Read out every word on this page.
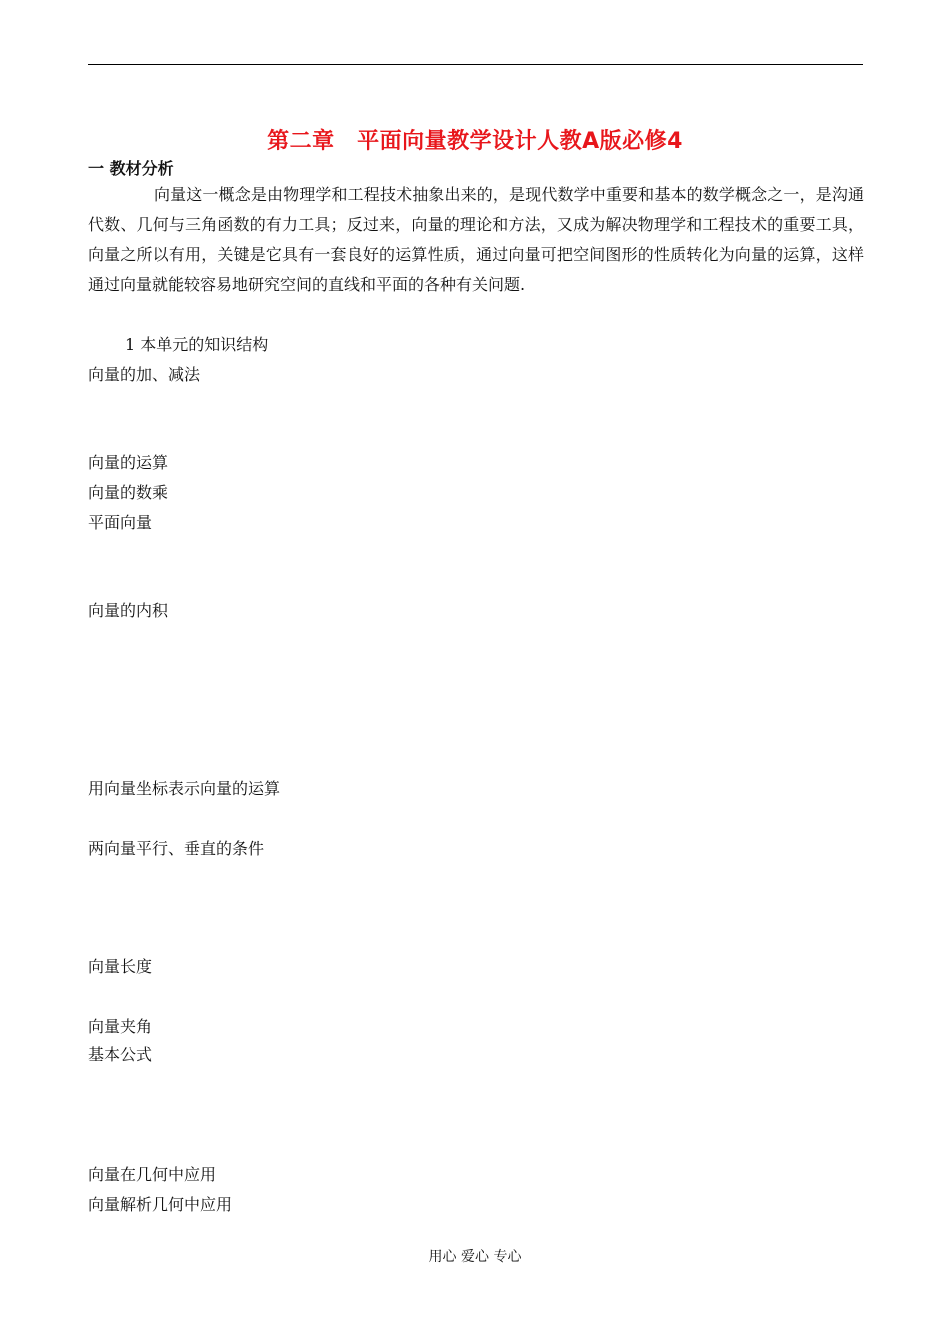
第二章　平面向量教学设计人教A版必修4
一 教材分析

向量这一概念是由物理学和工程技术抽象出来的，是现代数学中重要和基本的数学概念之一，是沟通代数、几何与三角函数的有力工具；反过来，向量的理论和方法，又成为解决物理学和工程技术的重要工具，向量之所以有用，关键是它具有一套良好的运算性质，通过向量可把空间图形的性质转化为向量的运算，这样通过向量就能较容易地研究空间的直线和平面的各种有关问题.

1 本单元的知识结构
向量的加、减法
向量的运算
向量的数乘
平面向量
向量的内积
用向量坐标表示向量的运算
两向量平行、垂直的条件
向量长度
向量夹角
基本公式
向量在几何中应用
向量解析几何中应用
用心 爱心 专心
